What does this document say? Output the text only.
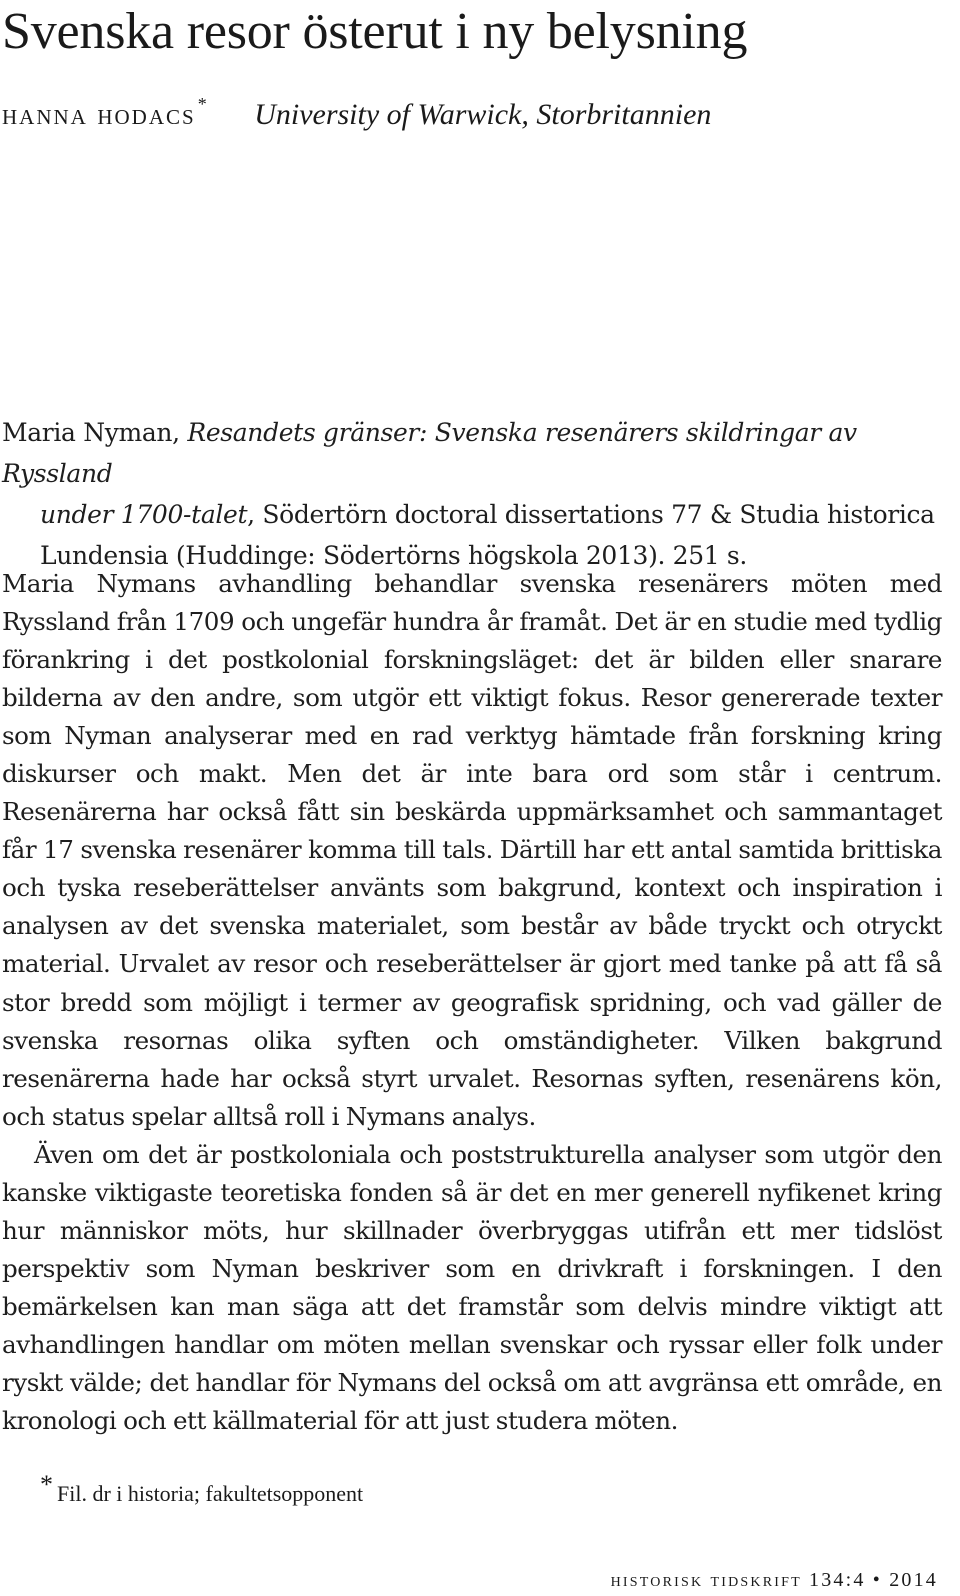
Svenska resor österut i ny belysning
hanna hodacs * University of Warwick, Storbritannien
Maria Nyman, Resandets gränser: Svenska resenärers skildringar av Ryssland
under 1700-talet, Södertörn doctoral dissertations 77 & Studia historica Lundensia (Huddinge: Södertörns högskola 2013). 251 s.

Maria Nymans avhandling behandlar svenska resenärers möten med Ryssland från 1709 och ungefär hundra år framåt. Det är en studie med tydlig förankring i det postkolonial forskningsläget: det är bilden eller snarare bilderna av den andre, som utgör ett viktigt fokus. Resor genererade texter som Nyman analyserar med en rad verktyg hämtade från forskning kring diskurser och makt. Men det är inte bara ord som står i centrum. Resenärerna har också fått sin beskärda uppmärksamhet och sammantaget får 17 svenska resenärer komma till tals. Därtill har ett antal samtida brittiska och tyska reseberättelser använts som bakgrund, kontext och inspiration i analysen av det svenska materialet, som består av både tryckt och otryckt material. Urvalet av resor och reseberättelser är gjort med tanke på att få så stor bredd som möjligt i termer av geografisk spridning, och vad gäller de svenska resornas olika syften och omständigheter. Vilken bakgrund resenärerna hade har också styrt urvalet. Resornas syften, resenärens kön, och status spelar alltså roll i Nymans analys.

Även om det är postkoloniala och poststrukturella analyser som utgör den kanske viktigaste teoretiska fonden så är det en mer generell nyfikenet kring hur människor möts, hur skillnader överbryggas utifrån ett mer tidslöst perspektiv som Nyman beskriver som en drivkraft i forskningen. I den bemärkelsen kan man säga att det framstår som delvis mindre viktigt att avhandlingen handlar om möten mellan svenskar och ryssar eller folk under ryskt välde; det handlar för Nymans del också om att avgränsa ett område, en kronologi och ett källmaterial för att just studera möten.

* Fil. dr i historia; fakultetsopponent
historisk tidskrift 134:4 • 2014
